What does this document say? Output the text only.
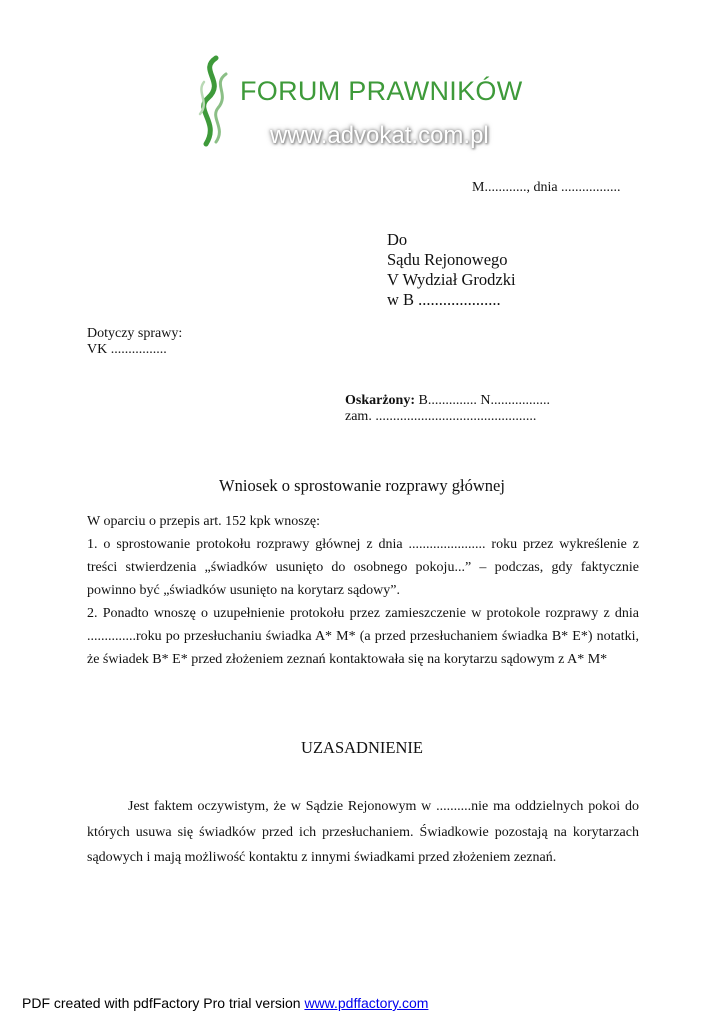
FORUM PRAWNIKÓW
www.advokat.com.pl
M............, dnia .................
Do
Sądu Rejonowego
V Wydział Grodzki
w B ....................
Dotyczy sprawy:
VK ................
Oskarżony: B.............. N.................
zam. ..............................................
Wniosek o sprostowanie rozprawy głównej
W oparciu o przepis art. 152 kpk wnoszę:
1. o sprostowanie protokołu rozprawy głównej z dnia ...................... roku przez wykreślenie z treści stwierdzenia „świadków usunięto do osobnego pokoju...” – podczas, gdy faktycznie powinno być „świadków usunięto na korytarz sądowy”.
2. Ponadto wnoszę o uzupełnienie protokołu przez zamieszczenie w protokole rozprawy z dnia ..............roku po przesłuchaniu świadka A* M* (a przed przesłuchaniem świadka B* E*) notatki, że świadek B* E* przed złożeniem zeznań kontaktowała się na korytarzu sądowym z A* M*
UZASADNIENIE
Jest faktem oczywistym, że w Sądzie Rejonowym w ..........nie ma oddzielnych pokoi do których usuwa się świadków przed ich przesłuchaniem. Świadkowie pozostają na korytarzach sądowych i mają możliwość kontaktu z innymi świadkami przed złożeniem zeznań.
PDF created with pdfFactory Pro trial version www.pdffactory.com
